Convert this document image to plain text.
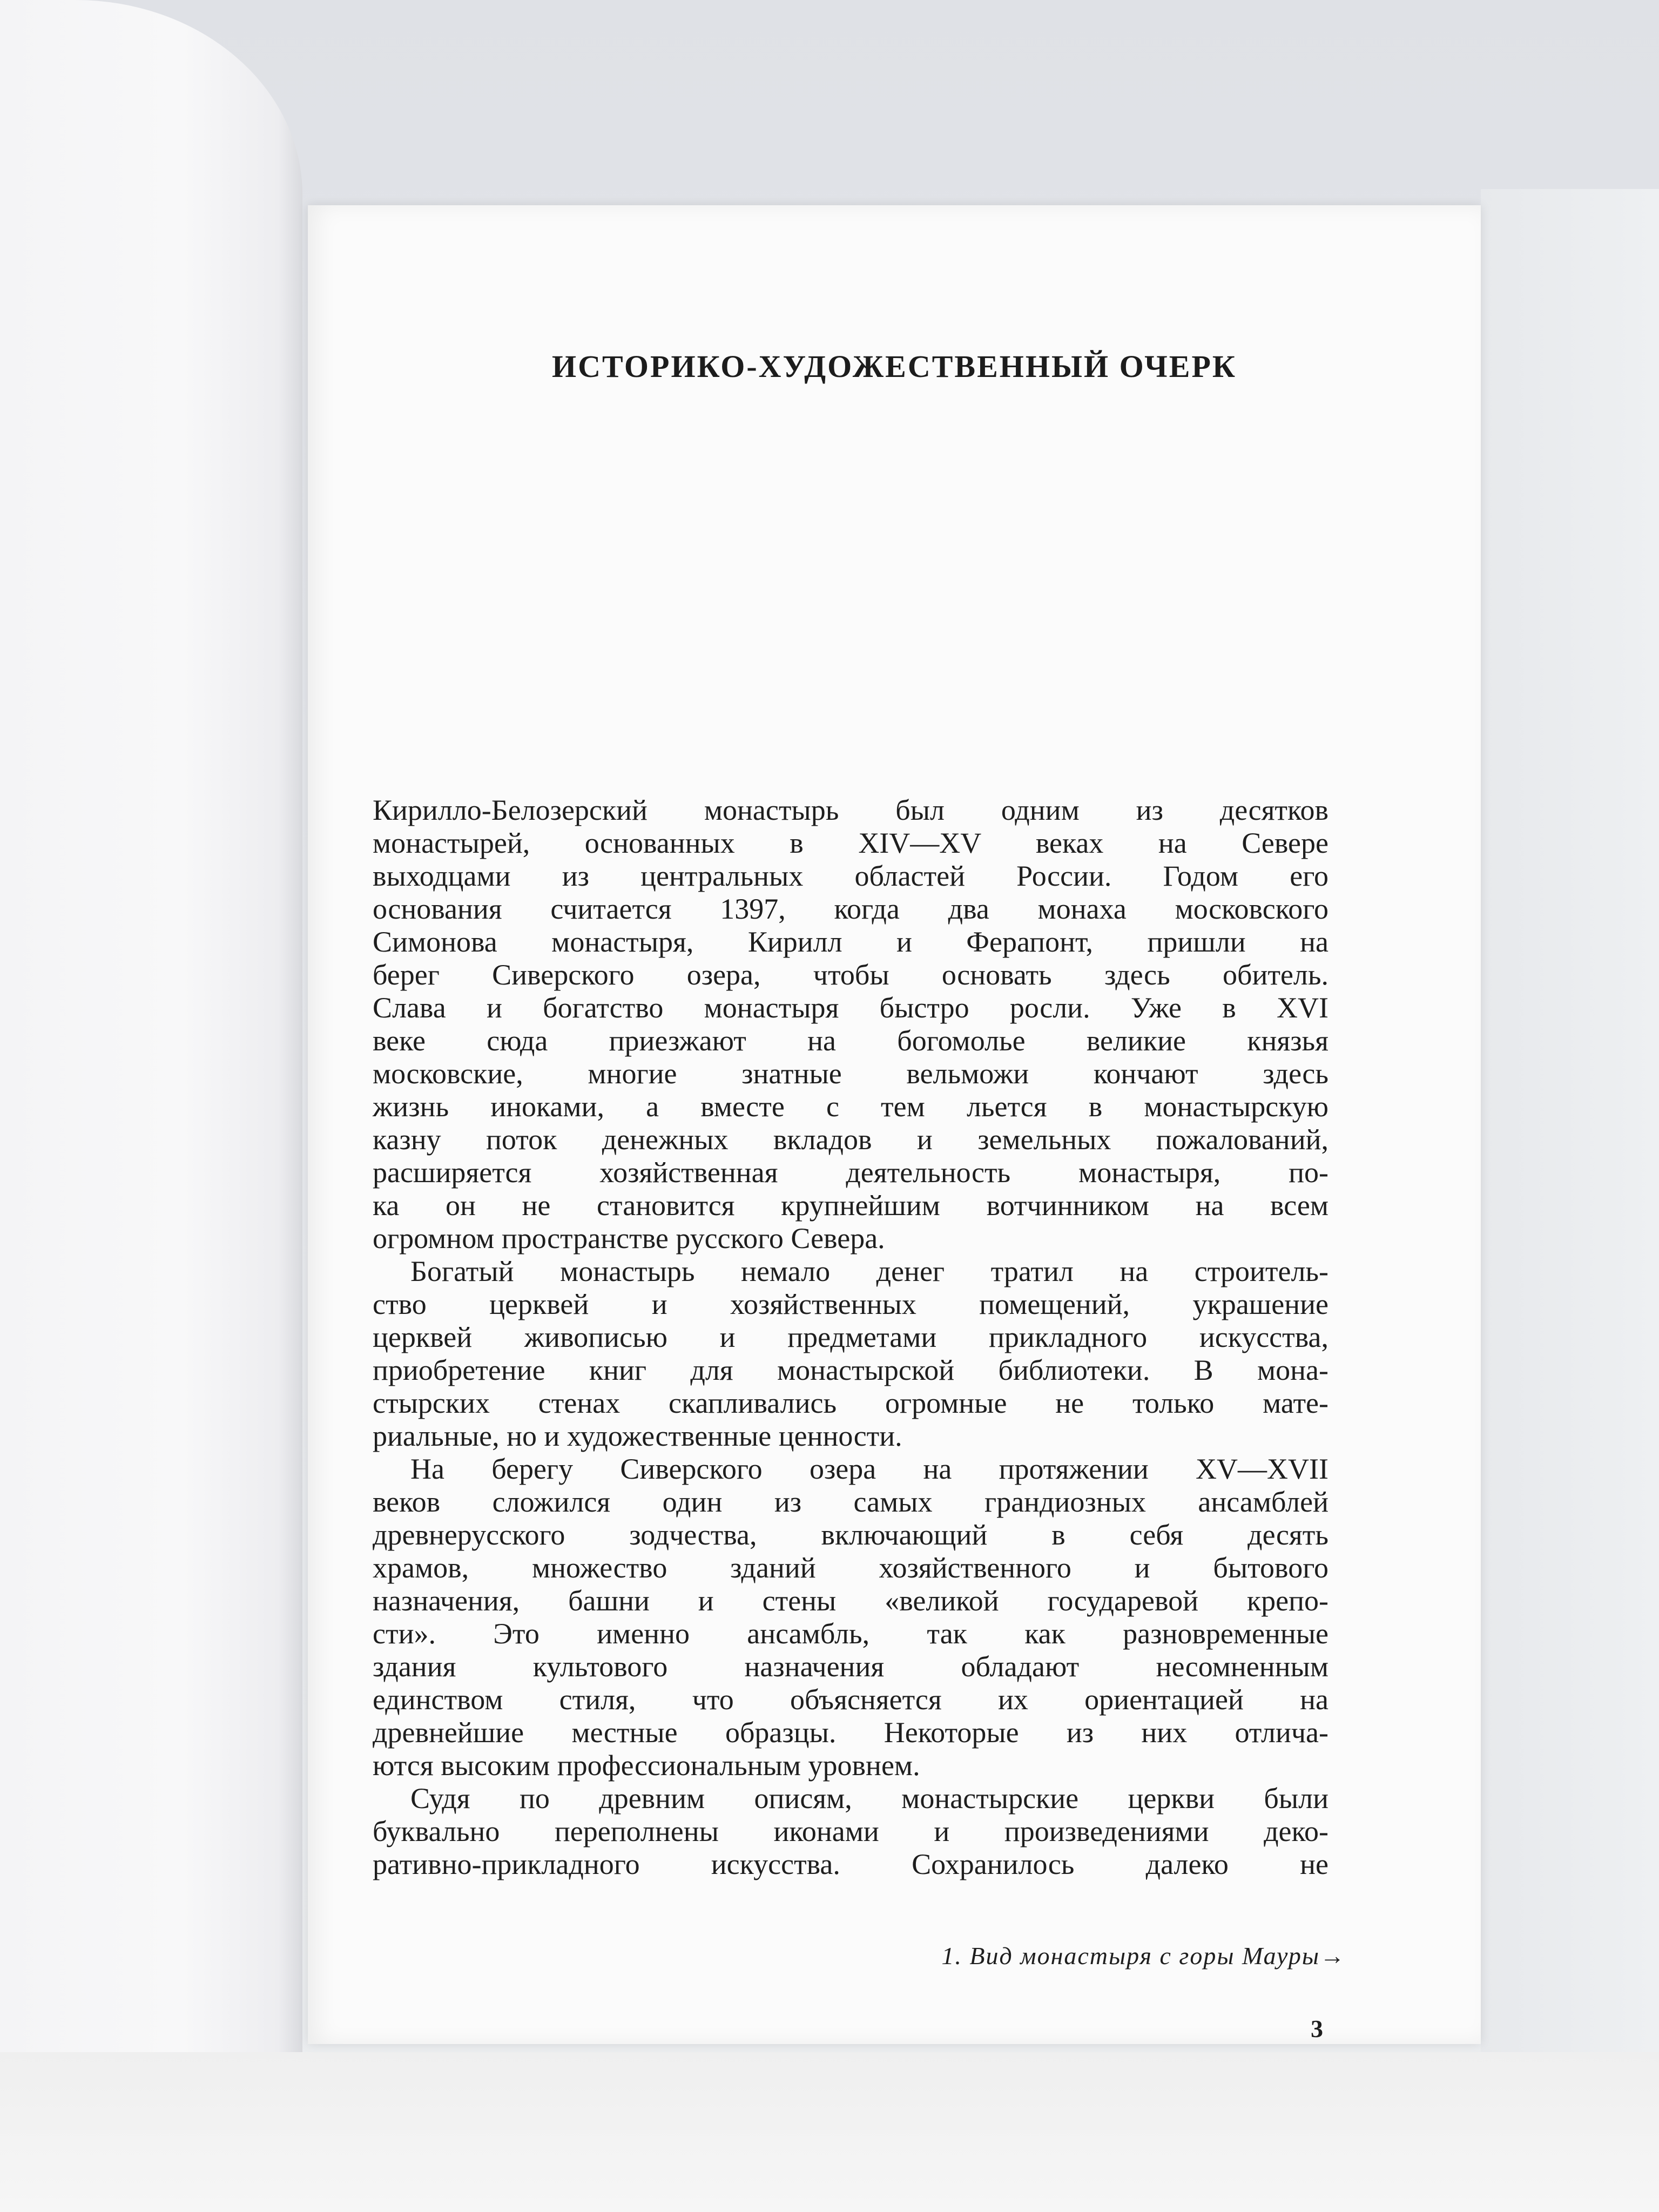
ИСТОРИКО-ХУДОЖЕСТВЕННЫЙ ОЧЕРК

Кирилло-Белозерский монастырь был одним из десятков
монастырей, основанных в XIV—XV веках на Севере
выходцами из центральных областей России. Годом его
основания считается 1397, когда два монаха московского
Симонова монастыря, Кирилл и Ферапонт, пришли на
берег Сиверского озера, чтобы основать здесь обитель.
Слава и богатство монастыря быстро росли. Уже в XVI
веке сюда приезжают на богомолье великие князья
московские, многие знатные вельможи кончают здесь
жизнь иноками, а вместе с тем льется в монастырскую
казну поток денежных вкладов и земельных пожалований,
расширяется хозяйственная деятельность монастыря, по-
ка он не становится крупнейшим вотчинником на всем
огромном пространстве русского Севера.

Богатый монастырь немало денег тратил на строитель-
ство церквей и хозяйственных помещений, украшение
церквей живописью и предметами прикладного искусства,
приобретение книг для монастырской библиотеки. В мона-
стырских стенах скапливались огромные не только мате-
риальные, но и художественные ценности.

На берегу Сиверского озера на протяжении XV—XVII
веков сложился один из самых грандиозных ансамблей
древнерусского зодчества, включающий в себя десять
храмов, множество зданий хозяйственного и бытового
назначения, башни и стены «великой государевой крепо-
сти». Это именно ансамбль, так как разновременные
здания культового назначения обладают несомненным
единством стиля, что объясняется их ориентацией на
древнейшие местные образцы. Некоторые из них отлича-
ются высоким профессиональным уровнем.

Судя по древним описям, монастырские церкви были
буквально переполнены иконами и произведениями деко-
ративно-прикладного искусства. Сохранилось далеко не

1. Вид монастыря с горы Мауры→
3
